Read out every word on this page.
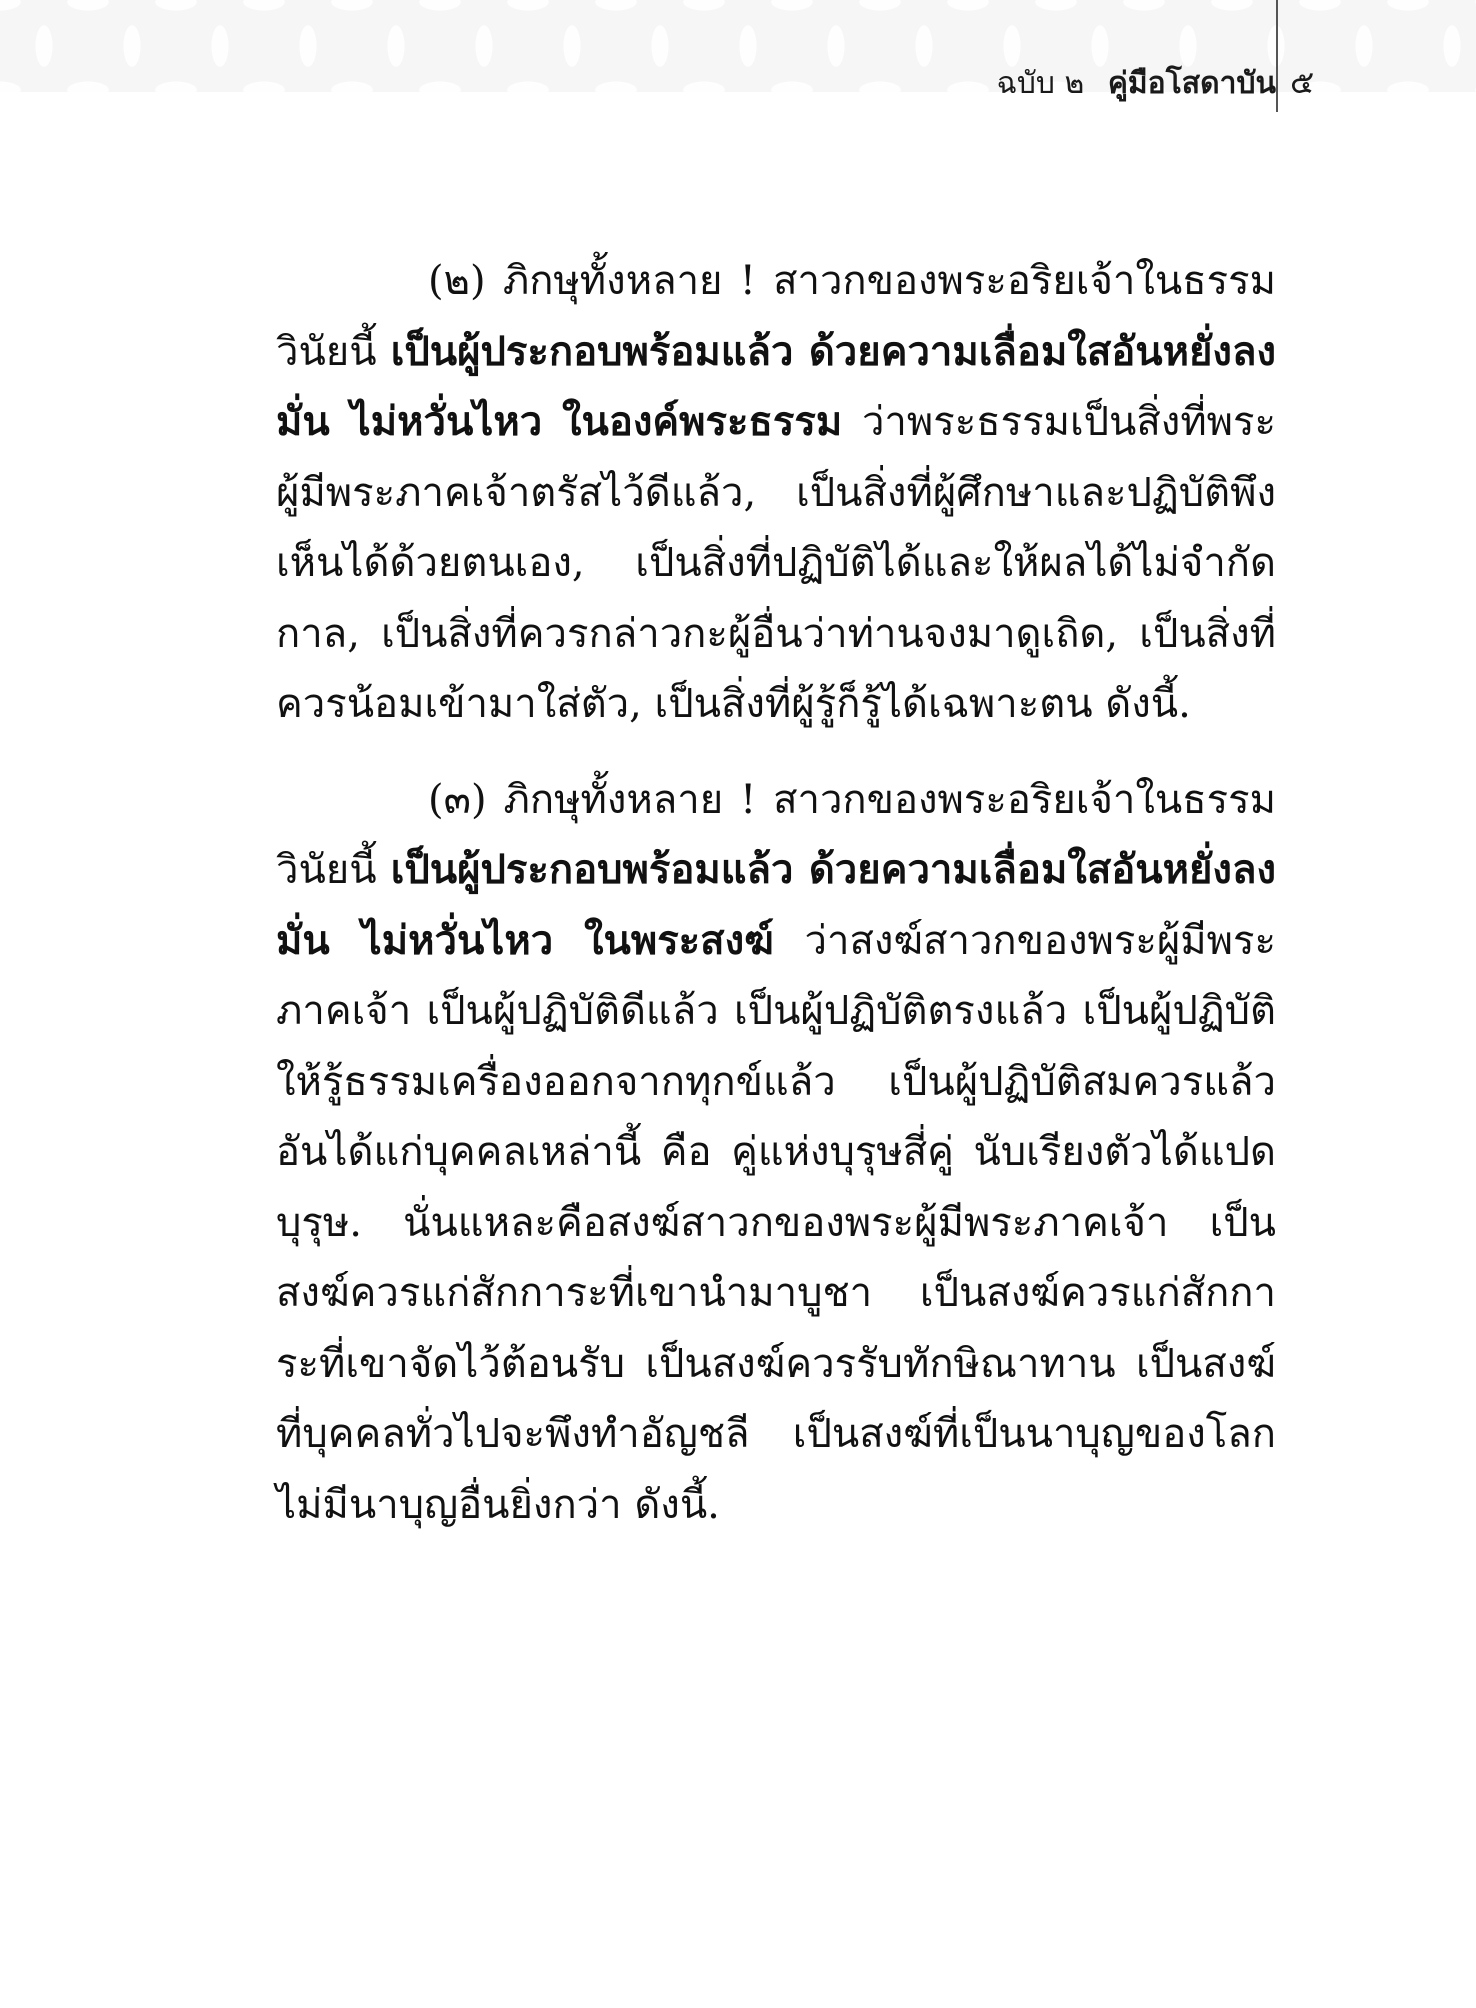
ฉบับ ๒ คู่มือโสดาบัน ๕

(๒) ภิกษุทั้งหลาย ! สาวกของพระอริยเจ้าในธรรมวินัยนี้ เป็นผู้ประกอบพร้อมแล้ว ด้วยความเลื่อมใสอันหยั่งลงมั่น ไม่หวั่นไหว ในองค์พระธรรม ว่าพระธรรมเป็นสิ่งที่พระผู้มีพระภาคเจ้าตรัสไว้ดีแล้ว, เป็นสิ่งที่ผู้ศึกษาและปฏิบัติพึงเห็นได้ด้วยตนเอง, เป็นสิ่งที่ปฏิบัติได้และให้ผลได้ไม่จำกัดกาล, เป็นสิ่งที่ควรกล่าวกะผู้อื่นว่าท่านจงมาดูเถิด, เป็นสิ่งที่ควรน้อมเข้ามาใส่ตัว, เป็นสิ่งที่ผู้รู้ก็รู้ได้เฉพาะตน ดังนี้.

(๓) ภิกษุทั้งหลาย ! สาวกของพระอริยเจ้าในธรรมวินัยนี้ เป็นผู้ประกอบพร้อมแล้ว ด้วยความเลื่อมใสอันหยั่งลงมั่น ไม่หวั่นไหว ในพระสงฆ์ ว่าสงฆ์สาวกของพระผู้มีพระภาคเจ้า เป็นผู้ปฏิบัติดีแล้ว เป็นผู้ปฏิบัติตรงแล้ว เป็นผู้ปฏิบัติให้รู้ธรรมเครื่องออกจากทุกข์แล้ว เป็นผู้ปฏิบัติสมควรแล้ว อันได้แก่บุคคลเหล่านี้ คือ คู่แห่งบุรุษสี่คู่ นับเรียงตัวได้แปดบุรุษ. นั่นแหละคือสงฆ์สาวกของพระผู้มีพระภาคเจ้า เป็นสงฆ์ควรแก่สักการะที่เขานำมาบูชา เป็นสงฆ์ควรแก่สักการะที่เขาจัดไว้ต้อนรับ เป็นสงฆ์ควรรับทักษิณาทาน เป็นสงฆ์ที่บุคคลทั่วไปจะพึงทำอัญชลี เป็นสงฆ์ที่เป็นนาบุญของโลก ไม่มีนาบุญอื่นยิ่งกว่า ดังนี้.
